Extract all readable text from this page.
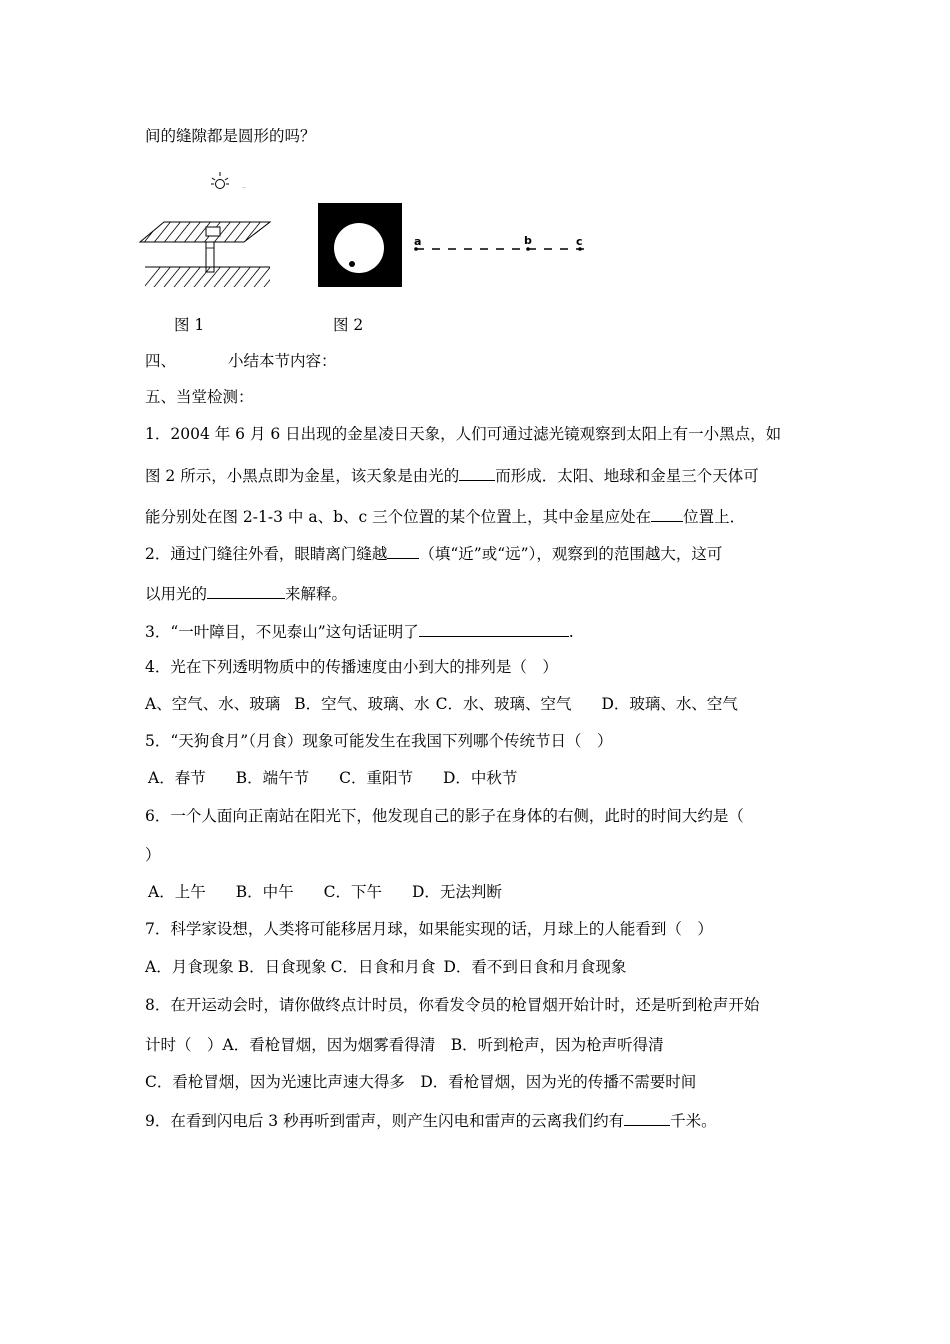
间的缝隙都是圆形的吗？
..
a	b	c
图 1	图 2
四、	小结本节内容：
五、当堂检测：
1．2004 年 6 月 6 日出现的金星凌日天象，人们可通过滤光镜观察到太阳上有一小黑点，如
图 2 所示，小黑点即为金星，该天象是由光的 而形成．太阳、地球和金星三个天体可
能分别处在图 2-1-3 中 a、b、c 三个位置的某个位置上，其中金星应处在 位置上．
2．通过门缝往外看，眼睛离门缝越 （填“近”或“远”），观察到的范围越大，这可
以用光的	来解释。
3．“一叶障目，不见泰山”这句话证明了	.
4．光在下列透明物质中的传播速度由小到大的排列是（　）
A、空气、水、玻璃 B．空气、玻璃、水 C．水、玻璃、空气 D．玻璃、水、空气
5．“天狗食月”（月食）现象可能发生在我国下列哪个传统节日（　）
A．春节 B．端午节 C．重阳节 D．中秋节
6．一个人面向正南站在阳光下，他发现自己的影子在身体的右侧，此时的时间大约是（
）
A．上午 B．中午 C．下午 D．无法判断
7．科学家设想，人类将可能移居月球，如果能实现的话，月球上的人能看到（　）
A．月食现象 B．日食现象 C．日食和月食 D．看不到日食和月食现象
8．在开运动会时，请你做终点计时员，你看发令员的枪冒烟开始计时，还是听到枪声开始
计时（　）A．看枪冒烟，因为烟雾看得清　B．听到枪声，因为枪声听得清
C．看枪冒烟，因为光速比声速大得多　D．看枪冒烟，因为光的传播不需要时间
9．在看到闪电后 3 秒再听到雷声，则产生闪电和雷声的云离我们约有	千米。
